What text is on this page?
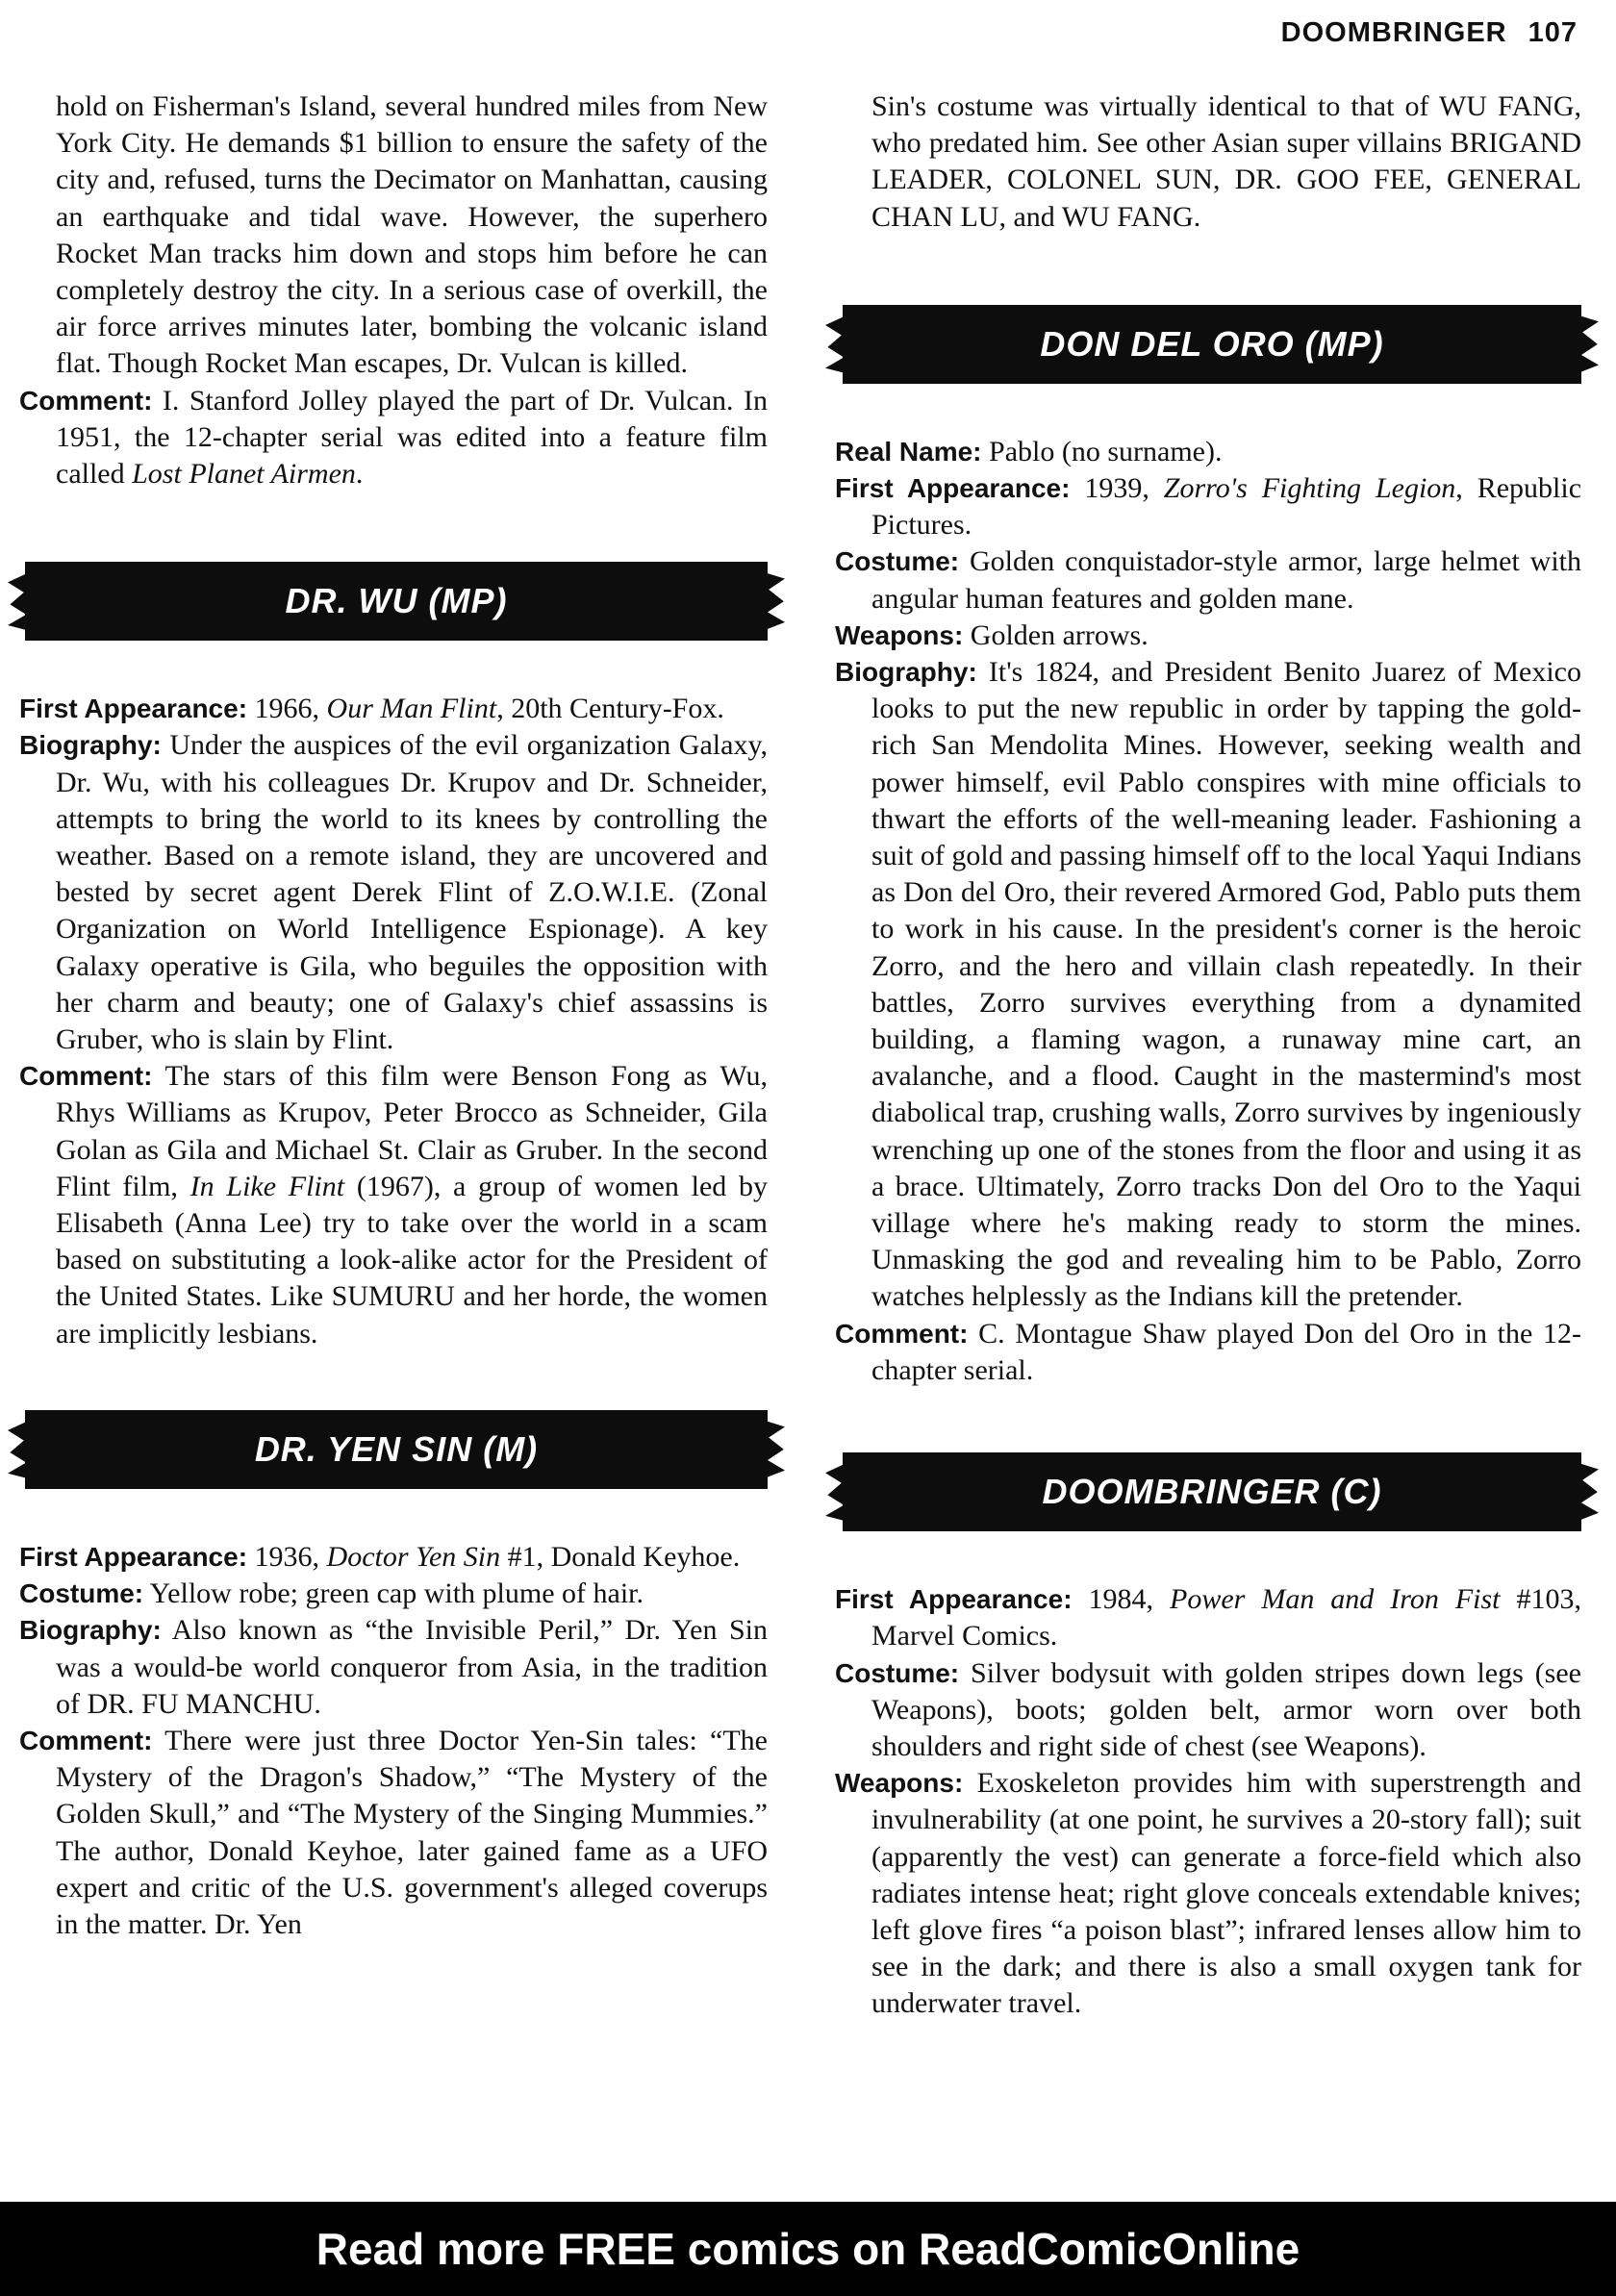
DOOMBRINGER 107

hold on Fisherman's Island, several hundred miles from New York City. He demands $1 billion to ensure the safety of the city and, refused, turns the Decimator on Manhattan, causing an earthquake and tidal wave. However, the superhero Rocket Man tracks him down and stops him before he can completely destroy the city. In a serious case of overkill, the air force arrives minutes later, bombing the volcanic island flat. Though Rocket Man escapes, Dr. Vulcan is killed.

Comment: I. Stanford Jolley played the part of Dr. Vulcan. In 1951, the 12-chapter serial was edited into a feature film called Lost Planet Airmen.
DR. WU (MP)
First Appearance: 1966, Our Man Flint, 20th Century-Fox.
Biography: Under the auspices of the evil organization Galaxy, Dr. Wu, with his colleagues Dr. Krupov and Dr. Schneider, attempts to bring the world to its knees by controlling the weather. Based on a remote island, they are uncovered and bested by secret agent Derek Flint of Z.O.W.I.E. (Zonal Organization on World Intelligence Espionage). A key Galaxy operative is Gila, who beguiles the opposition with her charm and beauty; one of Galaxy's chief assassins is Gruber, who is slain by Flint.
Comment: The stars of this film were Benson Fong as Wu, Rhys Williams as Krupov, Peter Brocco as Schneider, Gila Golan as Gila and Michael St. Clair as Gruber. In the second Flint film, In Like Flint (1967), a group of women led by Elisabeth (Anna Lee) try to take over the world in a scam based on substituting a look-alike actor for the President of the United States. Like SUMURU and her horde, the women are implicitly lesbians.
DR. YEN SIN (M)
First Appearance: 1936, Doctor Yen Sin #1, Donald Keyhoe.
Costume: Yellow robe; green cap with plume of hair.
Biography: Also known as “the Invisible Peril,” Dr. Yen Sin was a would-be world conqueror from Asia, in the tradition of DR. FU MANCHU.
Comment: There were just three Doctor Yen-Sin tales: “The Mystery of the Dragon's Shadow,” “The Mystery of the Golden Skull,” and “The Mystery of the Singing Mummies.” The author, Donald Keyhoe, later gained fame as a UFO expert and critic of the U.S. government's alleged coverups in the matter. Dr. Yen

Sin's costume was virtually identical to that of WU FANG, who predated him. See other Asian super villains BRIGAND LEADER, COLONEL SUN, DR. GOO FEE, GENERAL CHAN LU, and WU FANG.

DON DEL ORO (MP)
Real Name: Pablo (no surname).
First Appearance: 1939, Zorro's Fighting Legion, Republic Pictures.
Costume: Golden conquistador-style armor, large helmet with angular human features and golden mane.
Weapons: Golden arrows.
Biography: It's 1824, and President Benito Juarez of Mexico looks to put the new republic in order by tapping the gold-rich San Mendolita Mines. However, seeking wealth and power himself, evil Pablo conspires with mine officials to thwart the efforts of the well-meaning leader. Fashioning a suit of gold and passing himself off to the local Yaqui Indians as Don del Oro, their revered Armored God, Pablo puts them to work in his cause. In the president's corner is the heroic Zorro, and the hero and villain clash repeatedly. In their battles, Zorro survives everything from a dynamited building, a flaming wagon, a runaway mine cart, an avalanche, and a flood. Caught in the mastermind's most diabolical trap, crushing walls, Zorro survives by ingeniously wrenching up one of the stones from the floor and using it as a brace. Ultimately, Zorro tracks Don del Oro to the Yaqui village where he's making ready to storm the mines. Unmasking the god and revealing him to be Pablo, Zorro watches helplessly as the Indians kill the pretender.
Comment: C. Montague Shaw played Don del Oro in the 12-chapter serial.
DOOMBRINGER (C)
First Appearance: 1984, Power Man and Iron Fist #103, Marvel Comics.
Costume: Silver bodysuit with golden stripes down legs (see Weapons), boots; golden belt, armor worn over both shoulders and right side of chest (see Weapons).
Weapons: Exoskeleton provides him with superstrength and invulnerability (at one point, he survives a 20-story fall); suit (apparently the vest) can generate a force-field which also radiates intense heat; right glove conceals extendable knives; left glove fires “a poison blast”; infrared lenses allow him to see in the dark; and there is also a small oxygen tank for underwater travel.
Read more FREE comics on ReadComicOnline
